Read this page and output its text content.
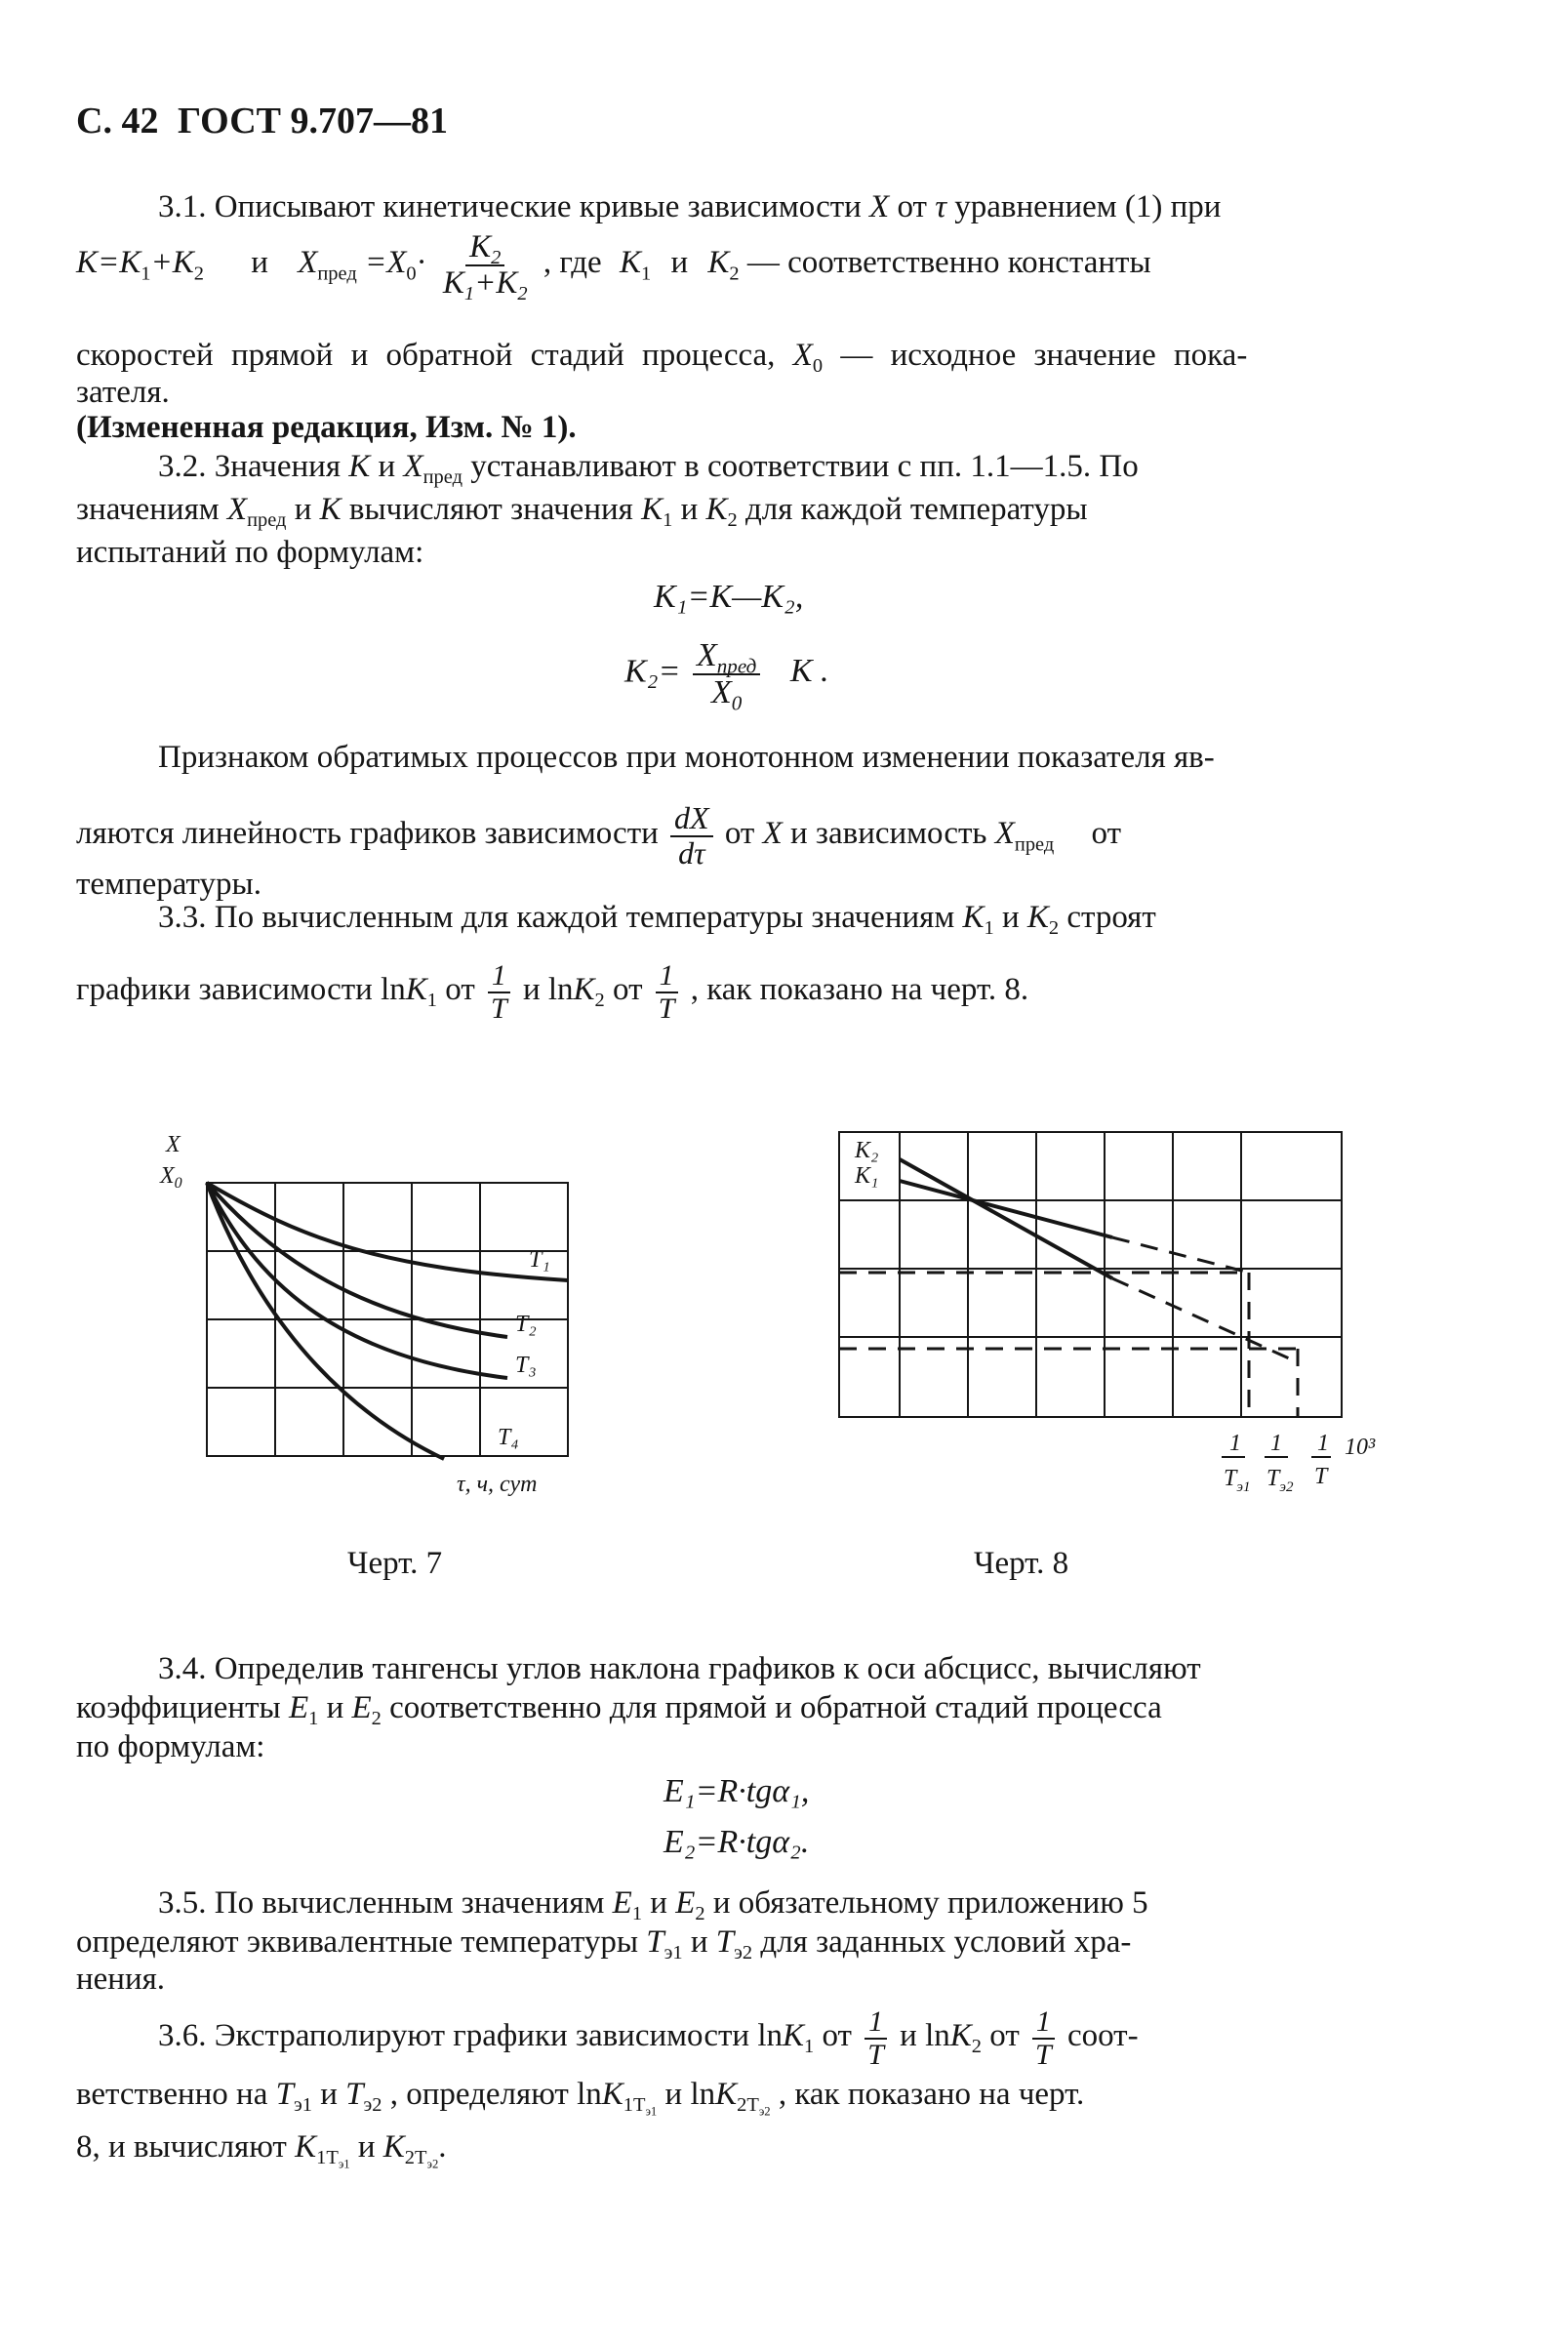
С. 42 ГОСТ 9.707—81
3.1. Описывают кинетические кривые зависимости X от τ уравнением (1) при
$K=K_1+K_2$ и $X_{пред} =X_0\cdot \frac{K_2}{K_1+K_2}$ , где $K_1$ и $K_2$ — соответственно константы
скоростей прямой и обратной стадий процесса, $X_0$ — исходное значение пока-
зателя.
(Измененная редакция, Изм. № 1).
3.2. Значения K и $X_{пред}$ устанавливают в соответствии с пп. 1.1—1.5. По
значениям $X_{пред}$ и K вычисляют значения $K_1$ и $K_2$ для каждой температуры
испытаний по формулам:
K₁=K—K₂,
$K_2= \frac{X_{пред}}{X_0}$ K .
Признаком обратимых процессов при монотонном изменении показателя яв-
ляются линейность графиков зависимости $\frac{dX}{d\tau}$ от X и зависимость $X_{пред}$ от
температуры.
3.3. По вычисленным для каждой температуры значениям $K_1$ и $K_2$ строят
графики зависимости lnK$_1$ от $\frac{1}{T}$ и lnK$_2$ от $\frac{1}{T}$ , как показано на черт. 8.
X
$X_0$
T₁
T₂
T₃
T₄
τ, ч, сут
K₂
K₁
1
$T_{э1}$
1
$T_{э2}$
1
T
10³
Черт. 7	Черт. 8
3.4. Определив тангенсы углов наклона графиков к оси абсцисс, вычисляют
коэффициенты $E_1$ и $E_2$ соответственно для прямой и обратной стадий процесса
по формулам:
E₁=R·tgα₁,
E₂=R·tgα₂.
3.5. По вычисленным значениям $E_1$ и $E_2$ и обязательному приложению 5
определяют эквивалентные температуры $T_{э1}$ и $T_{э2}$ для заданных условий хра-
нения.
3.6. Экстраполируют графики зависимости lnK$_1$ от $\frac{1}{T}$ и lnK$_2$ от $\frac{1}{T}$ соот-
ветственно на $T_{э1}$ и $T_{э2}$ , определяют lnK$_{1T_{э1}}$ и lnK$_{2T_{э2}}$ , как показано на черт.
8, и вычисляют $K_{1T_{э1}}$ и $K_{2T_{э2}}$.
